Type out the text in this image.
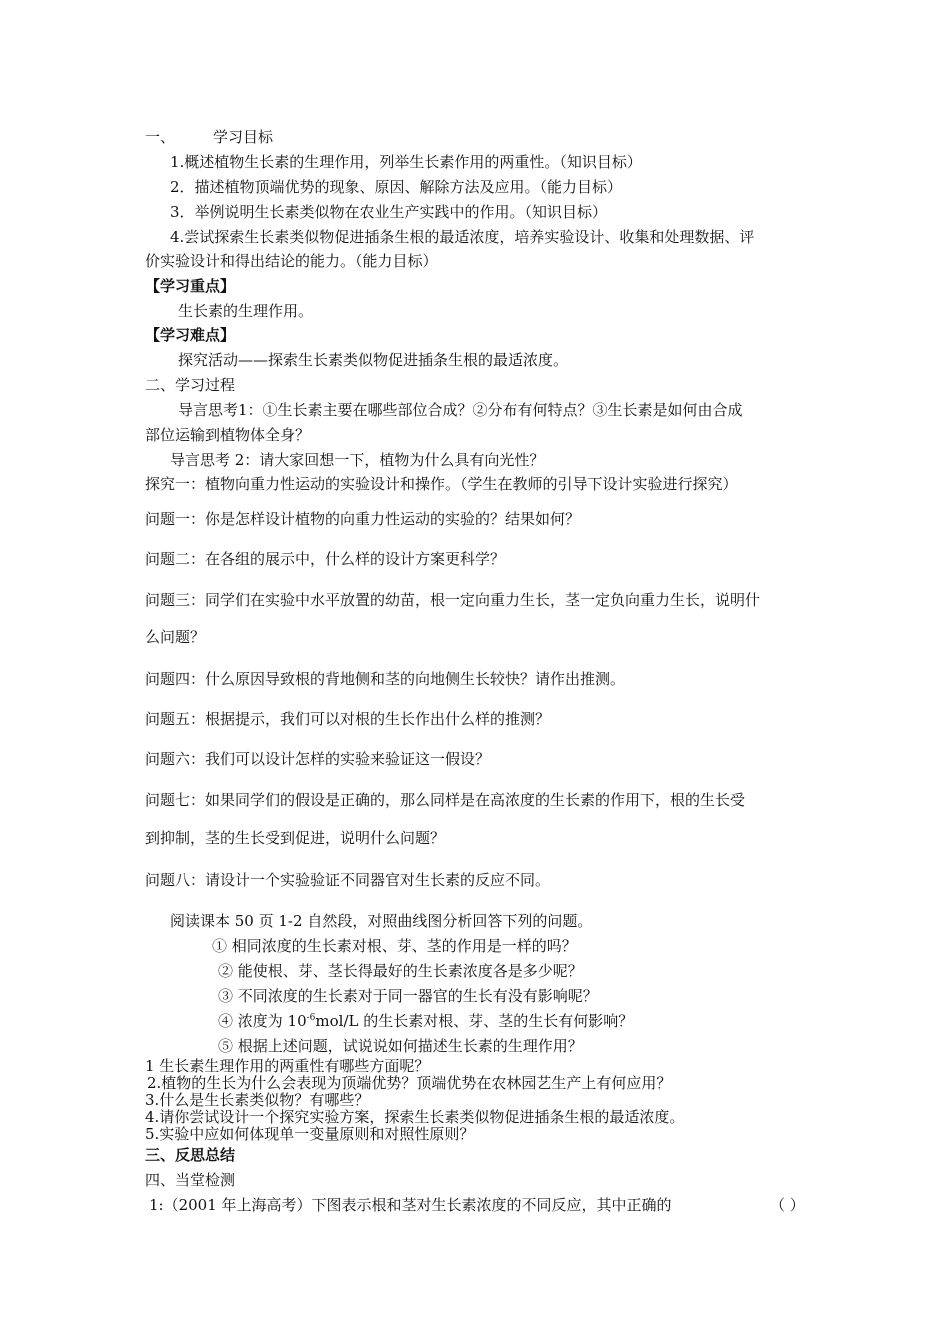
一、	学习目标
1.概述植物生长素的生理作用，列举生长素作用的两重性。（知识目标）
2．描述植物顶端优势的现象、原因、解除方法及应用。（能力目标）
3．举例说明生长素类似物在农业生产实践中的作用。（知识目标）
4.尝试探索生长素类似物促进插条生根的最适浓度，培养实验设计、收集和处理数据、评
价实验设计和得出结论的能力。（能力目标）
【学习重点】
生长素的生理作用。
【学习难点】
探究活动——探索生长素类似物促进插条生根的最适浓度。
二、学习过程
导言思考1：①生长素主要在哪些部位合成？②分布有何特点？③生长素是如何由合成
部位运输到植物体全身？
导言思考 2：请大家回想一下，植物为什么具有向光性？
探究一：植物向重力性运动的实验设计和操作。（学生在教师的引导下设计实验进行探究）
问题一：你是怎样设计植物的向重力性运动的实验的？结果如何？
问题二：在各组的展示中，什么样的设计方案更科学？
问题三：同学们在实验中水平放置的幼苗，根一定向重力生长，茎一定负向重力生长，说明什
么问题？
问题四：什么原因导致根的背地侧和茎的向地侧生长较快？请作出推测。
问题五：根据提示，我们可以对根的生长作出什么样的推测？
问题六：我们可以设计怎样的实验来验证这一假设？
问题七：如果同学们的假设是正确的，那么同样是在高浓度的生长素的作用下，根的生长受
到抑制，茎的生长受到促进，说明什么问题？
问题八：请设计一个实验验证不同器官对生长素的反应不同。
阅读课本 50 页 1-2 自然段，对照曲线图分析回答下列的问题。
① 相同浓度的生长素对根、芽、茎的作用是一样的吗？
② 能使根、芽、茎长得最好的生长素浓度各是多少呢？
③ 不同浓度的生长素对于同一器官的生长有没有影响呢？
④ 浓度为 $10^{-6}mol/L$ 的生长素对根、芽、茎的生长有何影响？
⑤ 根据上述问题，试说说如何描述生长素的生理作用？
1 生长素生理作用的两重性有哪些方面呢？
2.植物的生长为什么会表现为顶端优势？顶端优势在农林园艺生产上有何应用？
3.什么是生长素类似物？有哪些？
4.请你尝试设计一个探究实验方案，探索生长素类似物促进插条生根的最适浓度。
5.实验中应如何体现单一变量原则和对照性原则？
三、反思总结
四、当堂检测
1:（2001 年上海高考）下图表示根和茎对生长素浓度的不同反应，其中正确的	（ ）
